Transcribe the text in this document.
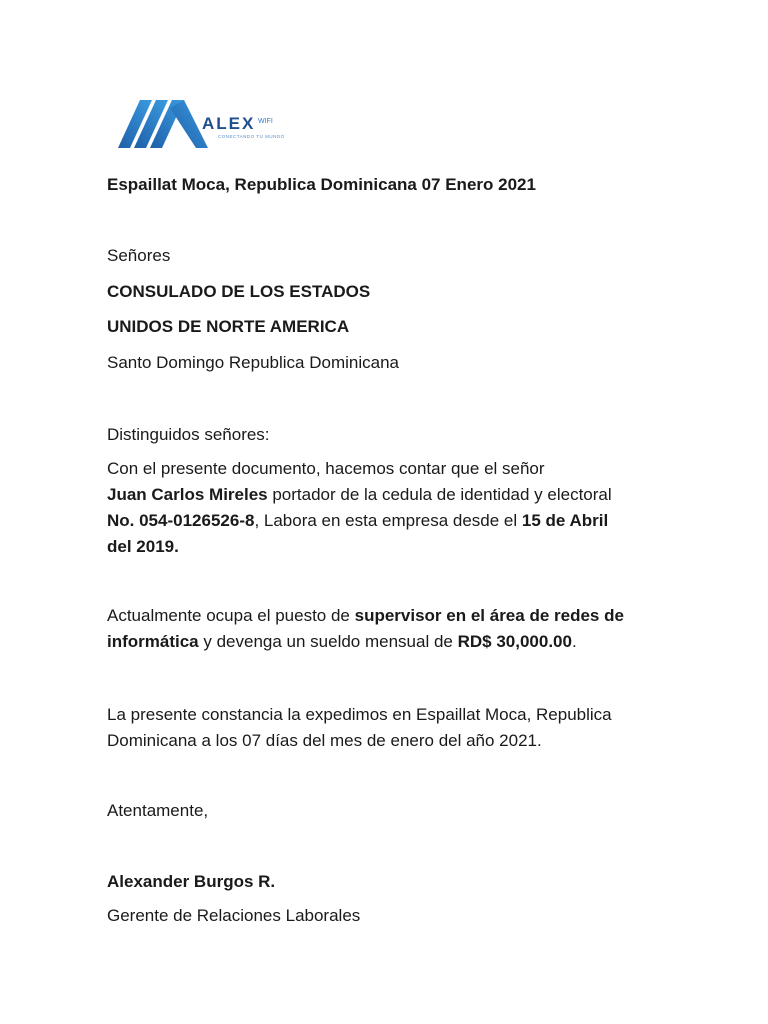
ALEX WIFI
CONECTANDO TU MUNDO
Espaillat Moca, Republica Dominicana 07 Enero 2021
Señores
CONSULADO DE LOS ESTADOS
UNIDOS DE NORTE AMERICA
Santo Domingo Republica Dominicana
Distinguidos señores:
Con el presente documento, hacemos contar que el señor
Juan Carlos Mireles portador de la cedula de identidad y electoral
No. 054-0126526-8, Labora en esta empresa desde el 15 de Abril
del 2019.
Actualmente ocupa el puesto de supervisor en el área de redes de
informática y devenga un sueldo mensual de RD$ 30,000.00.
La presente constancia la expedimos en Espaillat Moca, Republica
Dominicana a los 07 días del mes de enero del año 2021.
Atentamente,
Alexander Burgos R.
Gerente de Relaciones Laborales
